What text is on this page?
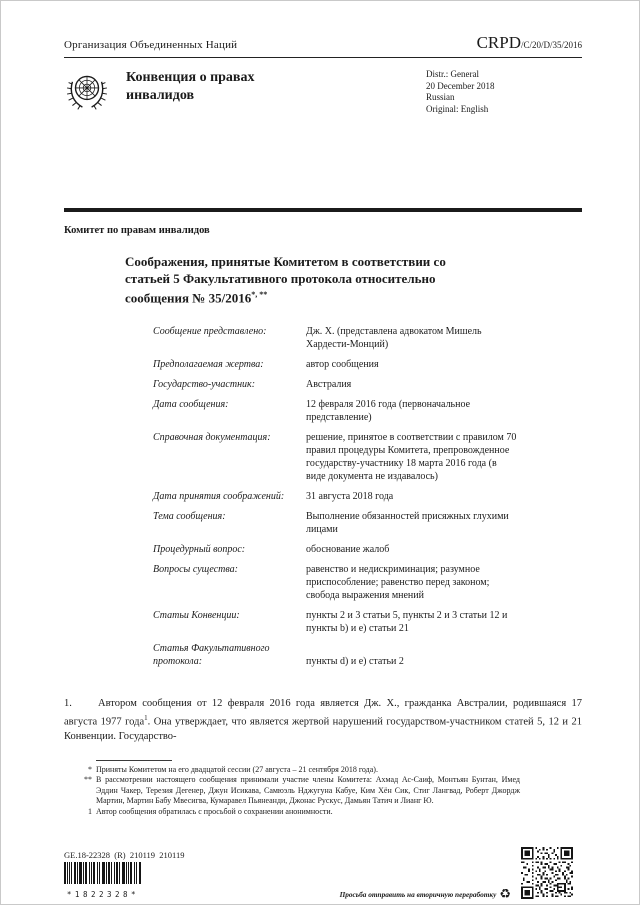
Организация Объединенных Наций	CRPD/C/20/D/35/2016
Конвенция о правах инвалидов
Distr.: General
20 December 2018
Russian
Original: English
Комитет по правам инвалидов
Соображения, принятые Комитетом в соответствии со статьей 5 Факультативного протокола относительно сообщения № 35/2016*, **
Сообщение представлено:	Дж. Х. (представлена адвокатом Мишель Хардести-Монций)
Предполагаемая жертва:	автор сообщения
Государство-участник:	Австралия
Дата сообщения:	12 февраля 2016 года (первоначальное представление)
Справочная документация:	решение, принятое в соответствии с правилом 70 правил процедуры Комитета, препровожденное государству-участнику 18 марта 2016 года (в виде документа не издавалось)
Дата принятия соображений:	31 августа 2018 года
Тема сообщения:	Выполнение обязанностей присяжных глухими лицами
Процедурный вопрос:	обоснование жалоб
Вопросы существа:	равенство и недискриминация; разумное приспособление; равенство перед законом; свобода выражения мнений
Статьи Конвенции:	пункты 2 и 3 статьи 5, пункты 2 и 3 статьи 12 и пункты b) и e) статьи 21
Статья Факультативного протокола:	пункты d) и e) статьи 2

1. Автором сообщения от 12 февраля 2016 года является Дж. Х., гражданка Австралии, родившаяся 17 августа 1977 года$^1$. Она утверждает, что является жертвой нарушений государством-участником статей 5, 12 и 21 Конвенции. Государство-

* Приняты Комитетом на его двадцатой сессии (27 августа – 21 сентября 2018 года).
** В рассмотрении настоящего сообщения принимали участие члены Комитета: Ахмад Ас-Саиф, Монтьян Бунтан, Имед Эддин Чакер, Терезия Дегенер, Джун Исикава, Самюэль Нджугуна Кабуе, Ким Хён Сик, Стиг Лангвад, Роберт Джордж Мартин, Мартин Бабу Мвесигва, Кумаравел Пьянеанди, Джонас Рускус, Дамьян Татич и Лианг Ю.
1 Автор сообщения обратилась с просьбой о сохранении анонимности.
GE.18-22328  (R)  210119  210119
*1822328*	Просьба отправить на вторичную переработку ♻
